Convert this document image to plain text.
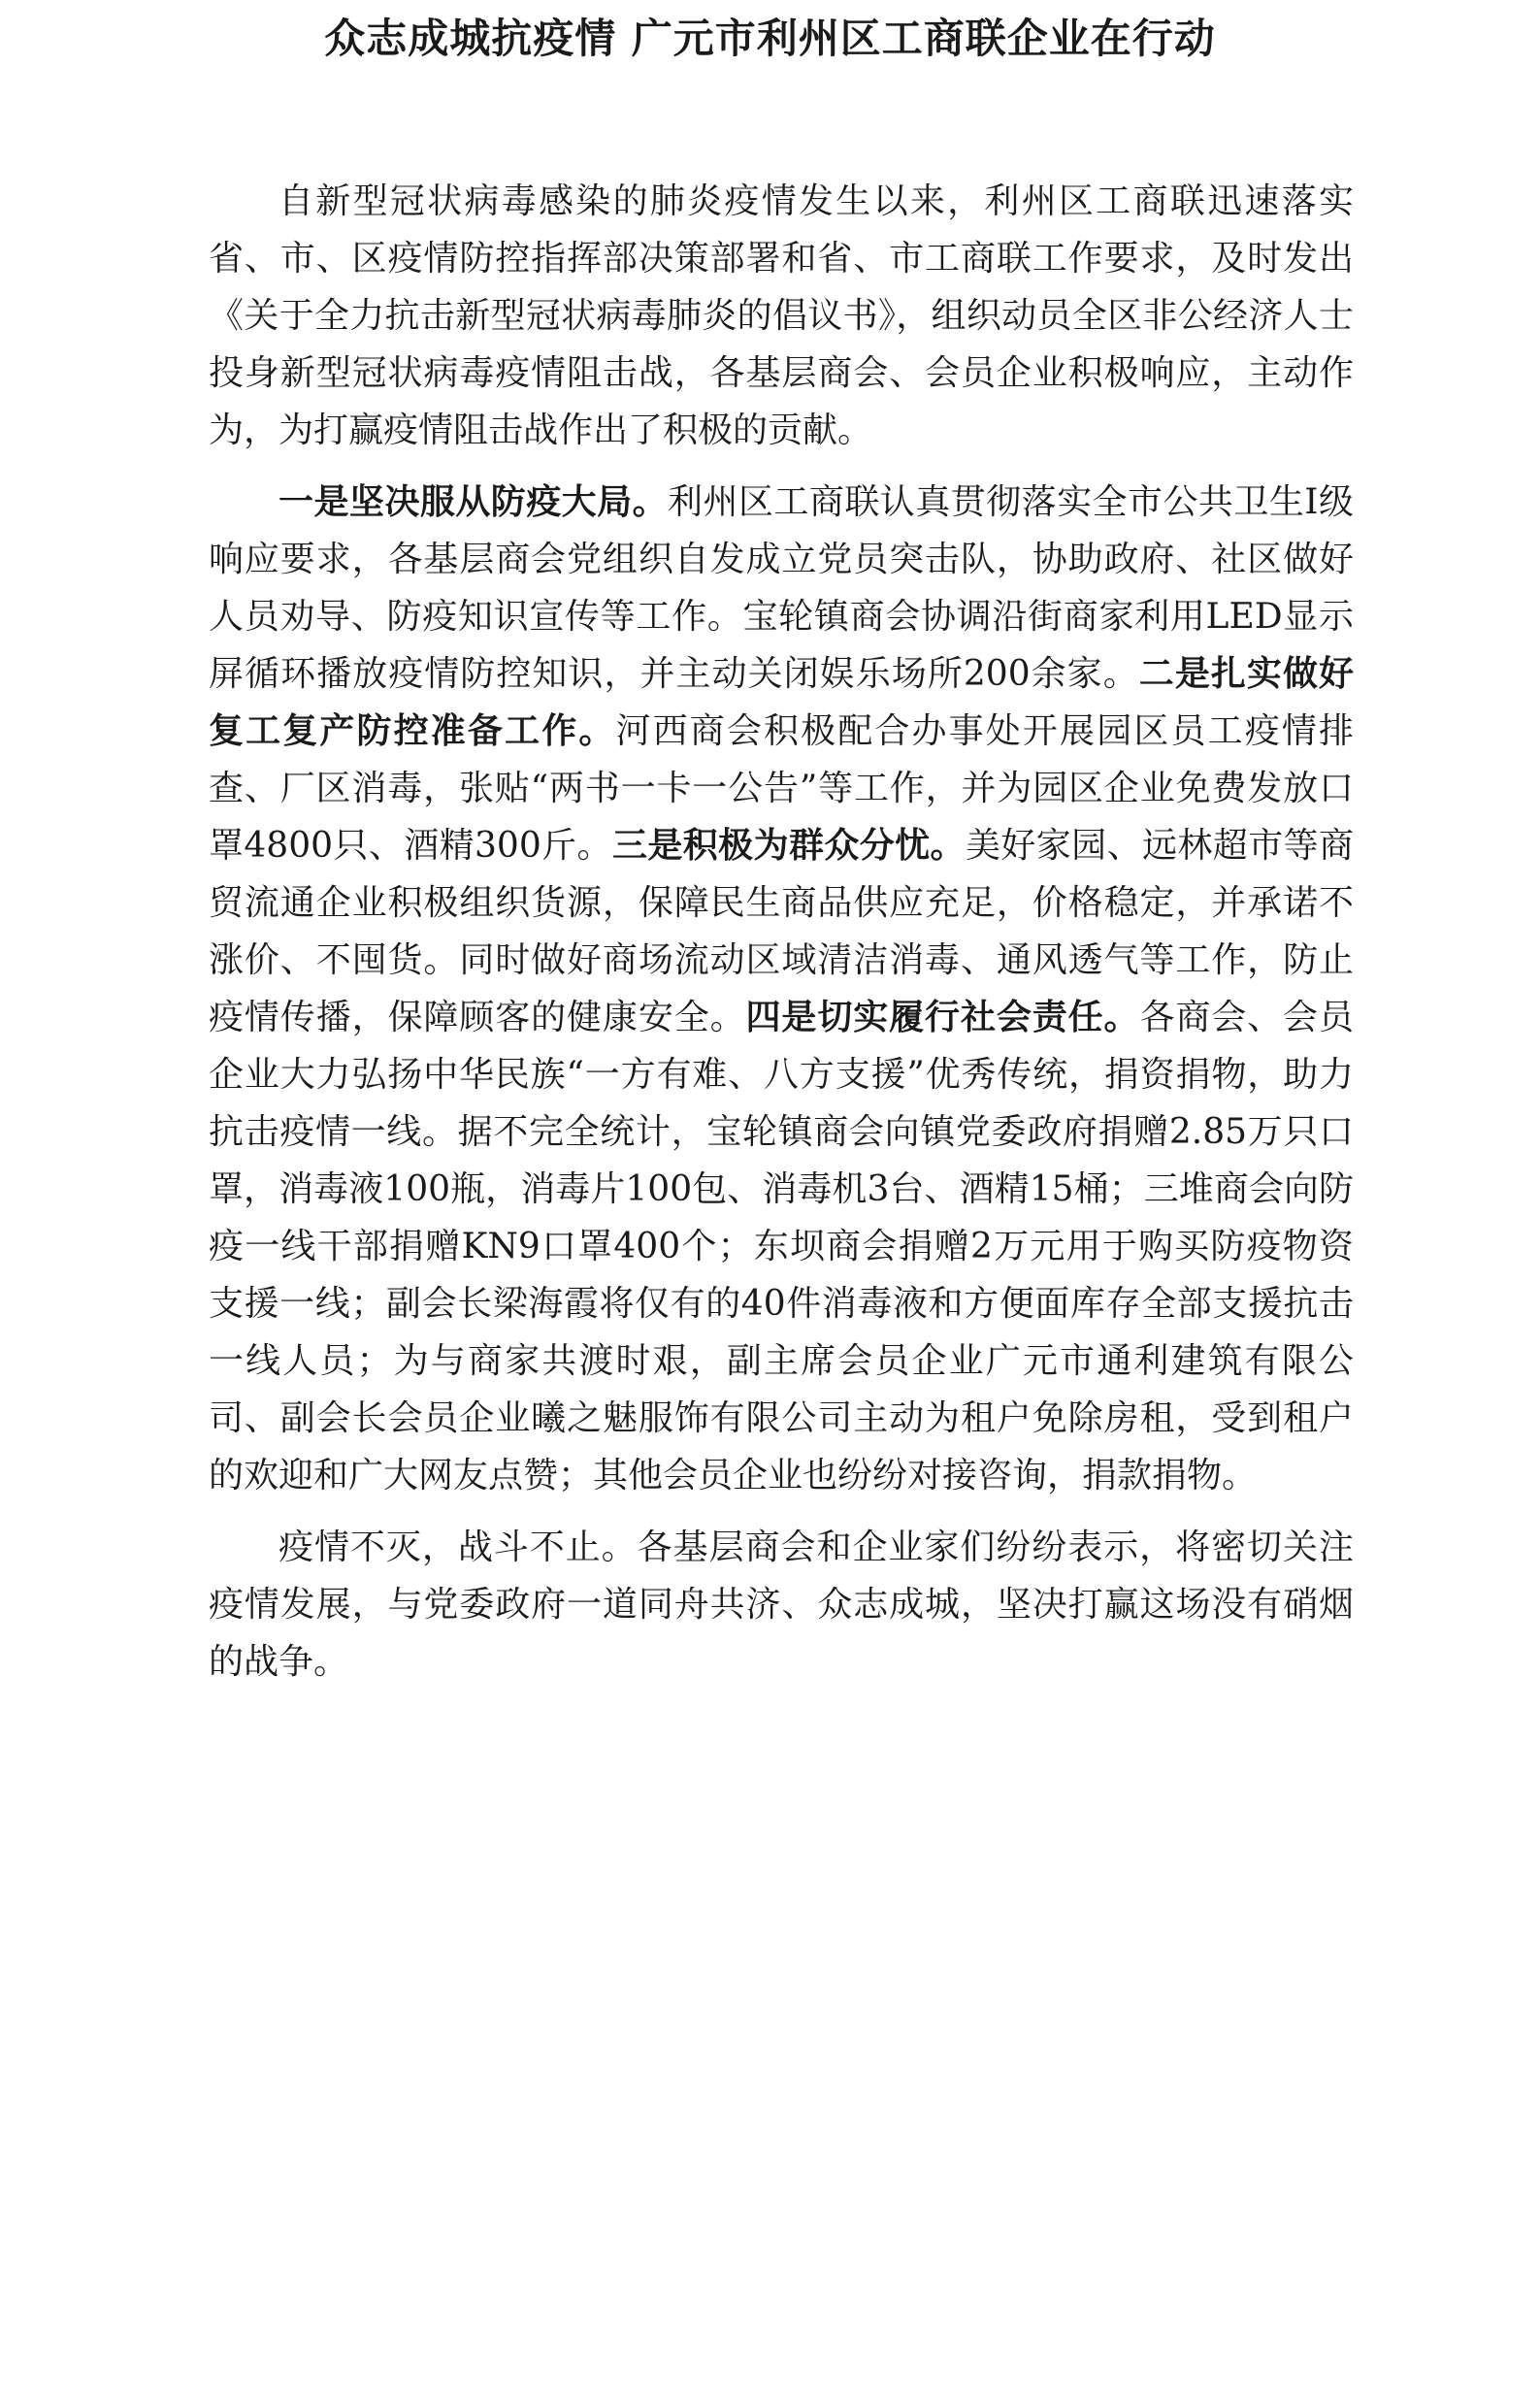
众志成城抗疫情 广元市利州区工商联企业在行动

自新型冠状病毒感染的肺炎疫情发生以来，利州区工商联迅速落实省、市、区疫情防控指挥部决策部署和省、市工商联工作要求，及时发出《关于全力抗击新型冠状病毒肺炎的倡议书》，组织动员全区非公经济人士投身新型冠状病毒疫情阻击战，各基层商会、会员企业积极响应，主动作为，为打赢疫情阻击战作出了积极的贡献。

一是坚决服从防疫大局。利州区工商联认真贯彻落实全市公共卫生Ⅰ级响应要求，各基层商会党组织自发成立党员突击队，协助政府、社区做好人员劝导、防疫知识宣传等工作。宝轮镇商会协调沿街商家利用LED显示屏循环播放疫情防控知识，并主动关闭娱乐场所200余家。二是扎实做好复工复产防控准备工作。河西商会积极配合办事处开展园区员工疫情排查、厂区消毒，张贴“两书一卡一公告”等工作，并为园区企业免费发放口罩4800只、酒精300斤。三是积极为群众分忧。美好家园、远林超市等商贸流通企业积极组织货源，保障民生商品供应充足，价格稳定，并承诺不涨价、不囤货。同时做好商场流动区域清洁消毒、通风透气等工作，防止疫情传播，保障顾客的健康安全。四是切实履行社会责任。各商会、会员企业大力弘扬中华民族“一方有难、八方支援”优秀传统，捐资捐物，助力抗击疫情一线。据不完全统计，宝轮镇商会向镇党委政府捐赠2.85万只口罩，消毒液100瓶，消毒片100包、消毒机3台、酒精15桶；三堆商会向防疫一线干部捐赠KN9口罩400个；东坝商会捐赠2万元用于购买防疫物资支援一线；副会长梁海霞将仅有的40件消毒液和方便面库存全部支援抗击一线人员；为与商家共渡时艰，副主席会员企业广元市通利建筑有限公司、副会长会员企业曦之魅服饰有限公司主动为租户免除房租，受到租户的欢迎和广大网友点赞；其他会员企业也纷纷对接咨询，捐款捐物。

疫情不灭，战斗不止。各基层商会和企业家们纷纷表示，将密切关注疫情发展，与党委政府一道同舟共济、众志成城，坚决打赢这场没有硝烟的战争。
